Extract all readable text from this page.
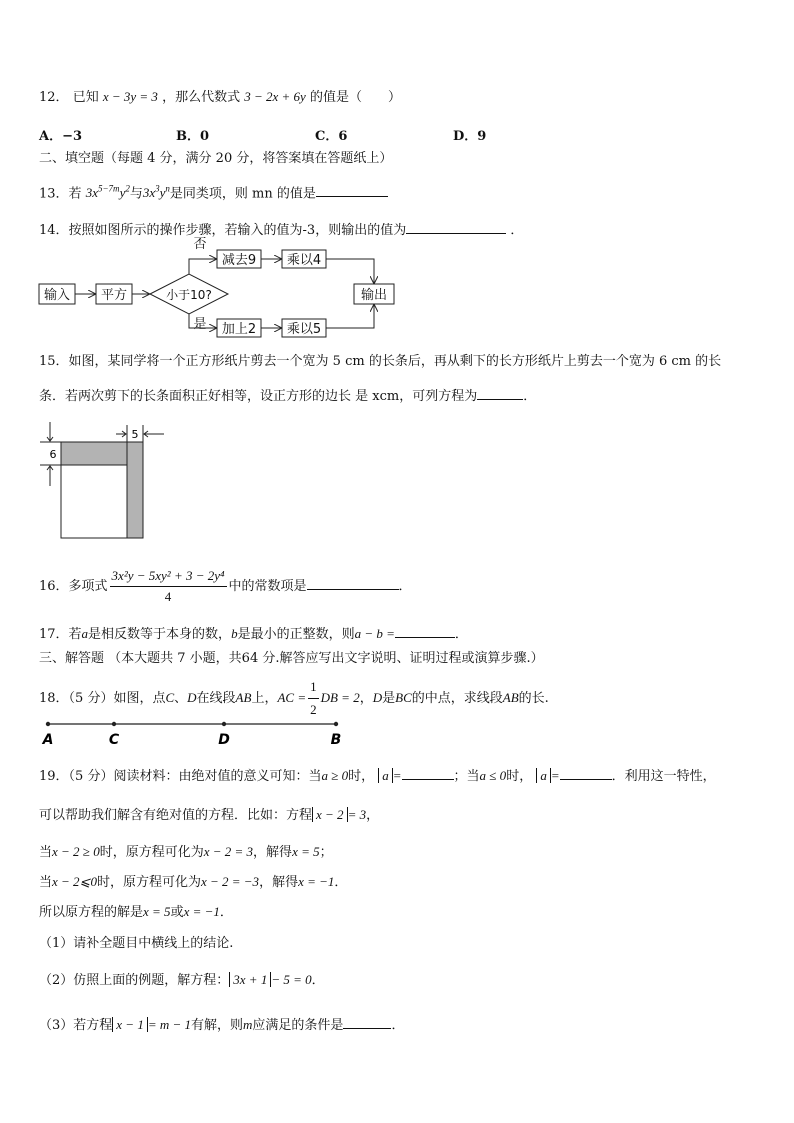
12． 已知 x − 3y = 3 ，那么代数式 3 − 2x + 6y 的值是（　　）
A．−3	B．0	C．6	D．9
二、填空题（每题 4 分，满分 20 分，将答案填在答题纸上）
13．若 $3x^{5-7m}y^2$与$3x^3y^n$是同类项，则 mn 的值是
14．按照如图所示的操作步骤，若输入的值为-3，则输出的值为	．
输入 平方	小于10?
否
是
减去9 乘以4
加上2 乘以5
输出
15．如图，某同学将一个正方形纸片剪去一个宽为 5 cm 的长条后，再从剩下的长方形纸片上剪去一个宽为 6 cm 的长
条．若两次剪下的长条面积正好相等，设正方形的边长 是 xcm，可列方程为	．
5
6
16．多项式 $\frac{\text{3x²y − 5xy² + 3 − 2y⁴}}{4}$ 中的常数项是	．
17．若a是相反数等于本身的数，b是最小的正整数，则a − b =	．
三、解答题 （本大题共 7 小题，共64 分.解答应写出文字说明、证明过程或演算步骤.）
18．（5 分）如图，点C、D在线段AB上，AC = $\frac{1}{2}$ DB = 2，D是BC的中点，求线段AB的长.
A	C	D	B
19．（5 分）阅读材料：由绝对值的意义可知：当a ≥ 0时， a =	；当a ≤ 0时， a =	．利用这一特性，
可以帮助我们解含有绝对值的方程．比如：方程 x − 2 = 3，
当x − 2 ≥ 0时，原方程可化为x − 2 = 3，解得x = 5；
当x − 2⩽0时，原方程可化为x − 2 = −3，解得x = −1．
所以原方程的解是x = 5或x = −1．
（1）请补全题目中横线上的结论.
（2）仿照上面的例题，解方程： 3x + 1 − 5 = 0．
（3）若方程 x − 1 = m − 1有解，则m应满足的条件是	．
